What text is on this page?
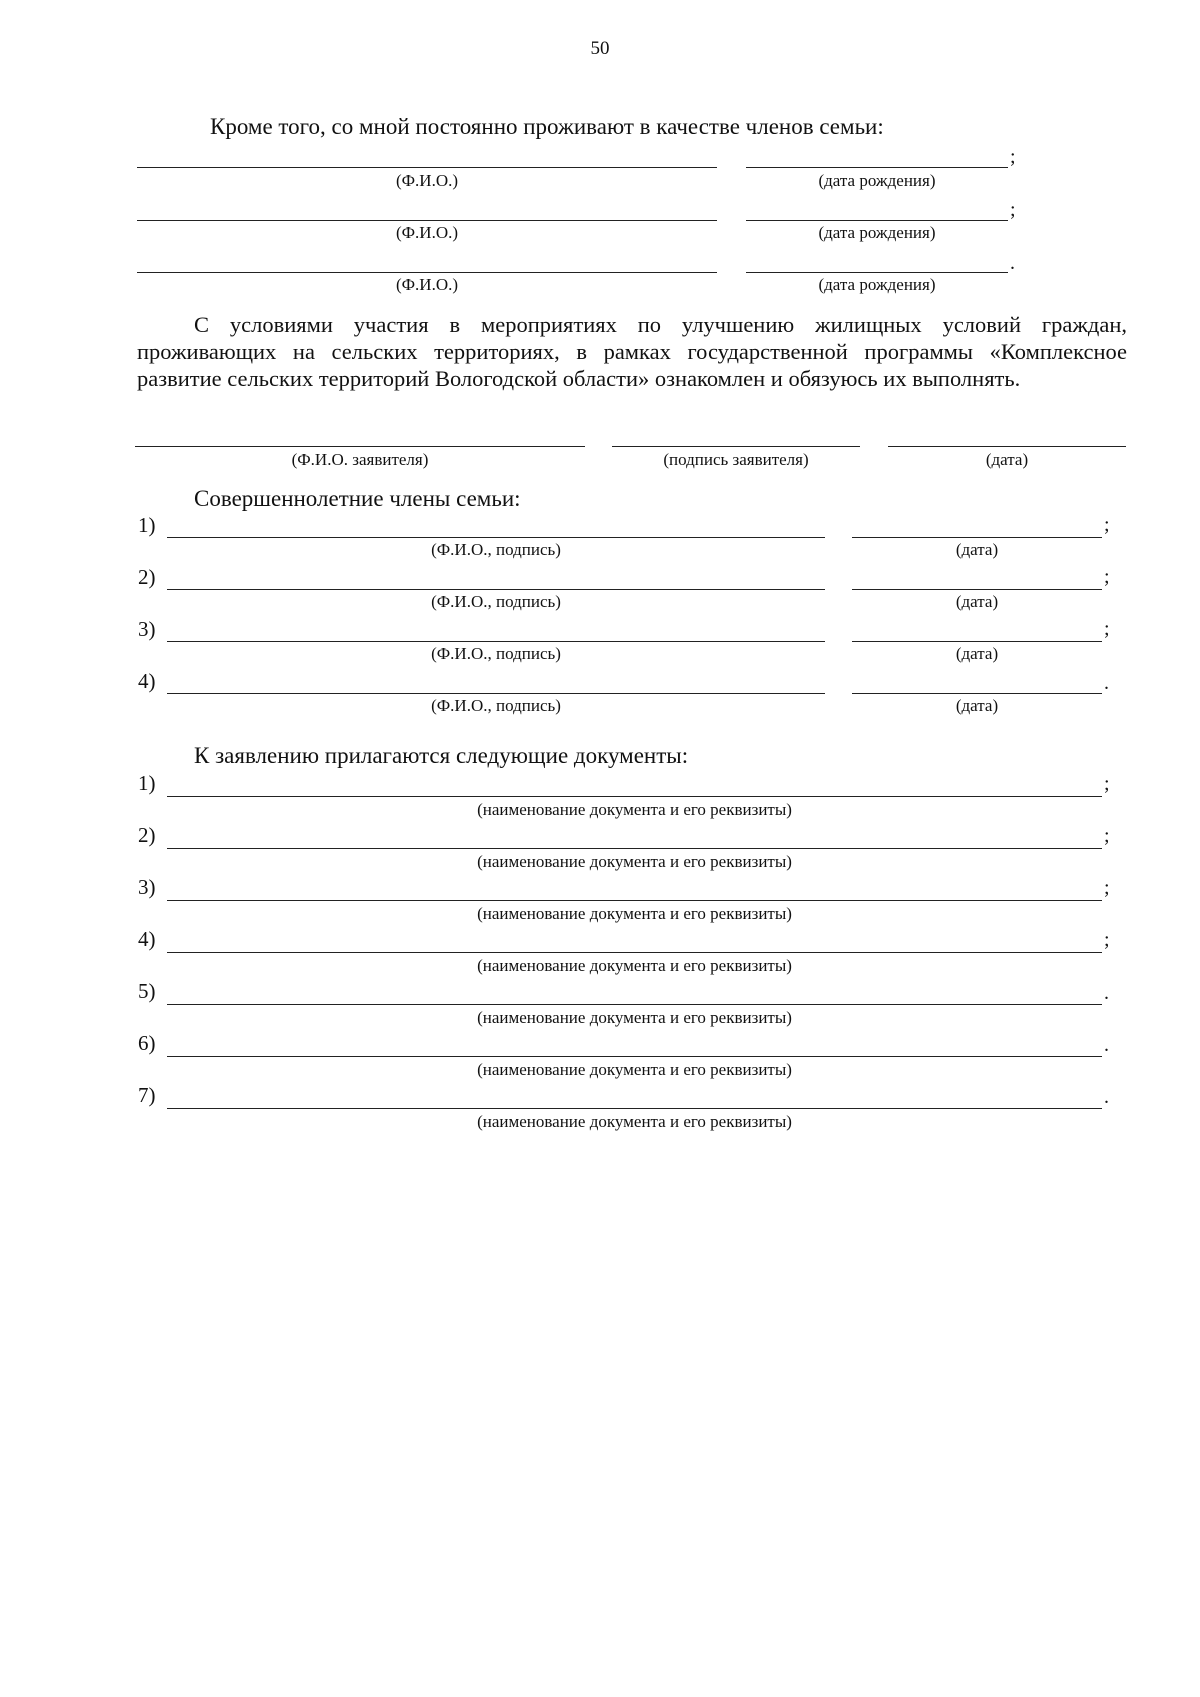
50
Кроме того, со мной постоянно проживают в качестве членов семьи:
;
(Ф.И.О.)	(дата рождения)
;
(Ф.И.О.)	(дата рождения)
.
(Ф.И.О.)	(дата рождения)
С условиями участия в мероприятиях по улучшению жилищных условий граждан, проживающих на сельских территориях, в рамках государственной программы «Комплексное развитие сельских территорий Вологодской области» ознакомлен и обязуюсь их выполнять.
(Ф.И.О. заявителя)	(подпись заявителя)	(дата)
Совершеннолетние члены семьи:
1)	;
(Ф.И.О., подпись)	(дата)
2)	;
(Ф.И.О., подпись)	(дата)
3)	;
(Ф.И.О., подпись)	(дата)
4)	.
(Ф.И.О., подпись)	(дата)
К заявлению прилагаются следующие документы:
1)	;
(наименование документа и его реквизиты)
2)	;
(наименование документа и его реквизиты)
3)	;
(наименование документа и его реквизиты)
4)	;
(наименование документа и его реквизиты)
5)	.
(наименование документа и его реквизиты)
6)	.
(наименование документа и его реквизиты)
7)	.
(наименование документа и его реквизиты)
